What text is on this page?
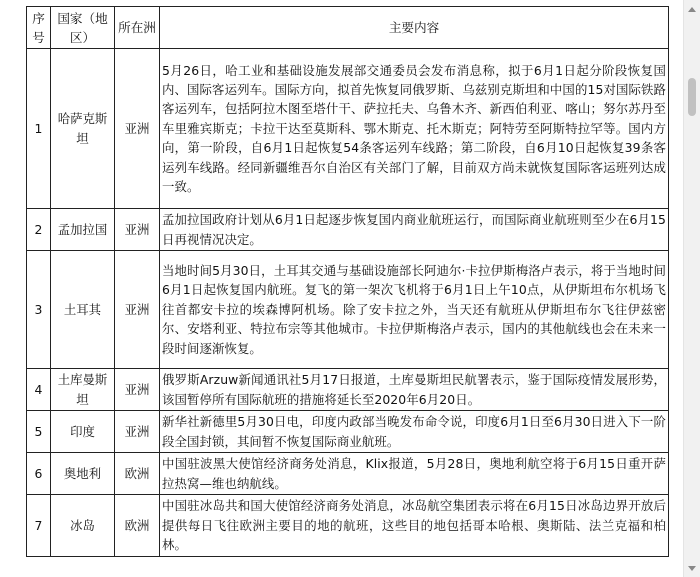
序号	国家（地区）	所在洲	主要内容
1	哈萨克斯坦	亚洲	5月26日，哈工业和基础设施发展部交通委员会发布消息称，拟于6月1日起分阶段恢复国内、国际客运列车。国际方向，拟首先恢复同俄罗斯、乌兹别克斯坦和中国的15对国际铁路客运列车，包括阿拉木图至塔什干、萨拉托夫、乌鲁木齐、新西伯利亚、喀山；努尔苏丹至车里雅宾斯克；卡拉干达至莫斯科、鄂木斯克、托木斯克；阿特劳至阿斯特拉罕等。国内方向，第一阶段，自6月1日起恢复54条客运列车线路；第二阶段，自6月10日起恢复39条客运列车线路。经同新疆维吾尔自治区有关部门了解，目前双方尚未就恢复国际客运班列达成一致。
2	孟加拉国	亚洲	孟加拉国政府计划从6月1日起逐步恢复国内商业航班运行，而国际商业航班则至少在6月15日再视情况决定。
3	土耳其	亚洲	当地时间5月30日，土耳其交通与基础设施部长阿迪尔·卡拉伊斯梅洛卢表示，将于当地时间6月1日起恢复国内航班。复飞的第一架次飞机将于6月1日上午10点，从伊斯坦布尔机场飞往首都安卡拉的埃森博阿机场。除了安卡拉之外，当天还有航班从伊斯坦布尔飞往伊兹密尔、安塔利亚、特拉布宗等其他城市。卡拉伊斯梅洛卢表示，国内的其他航线也会在未来一段时间逐渐恢复。
4	土库曼斯坦	亚洲	俄罗斯Arzuw新闻通讯社5月17日报道，土库曼斯坦民航署表示，鉴于国际疫情发展形势，该国暂停所有国际航班的措施将延长至2020年6月20日。
5	印度	亚洲	新华社新德里5月30日电，印度内政部当晚发布命令说，印度6月1日至6月30日进入下一阶段全国封锁，其间暂不恢复国际商业航班。
6	奥地利	欧洲	中国驻波黑大使馆经济商务处消息，Klix报道，5月28日，奥地利航空将于6月15日重开萨拉热窝—维也纳航线。
7	冰岛	欧洲	中国驻冰岛共和国大使馆经济商务处消息，冰岛航空集团表示将在6月15日冰岛边界开放后提供每日飞往欧洲主要目的地的航班，这些目的地包括哥本哈根、奥斯陆、法兰克福和柏林。
